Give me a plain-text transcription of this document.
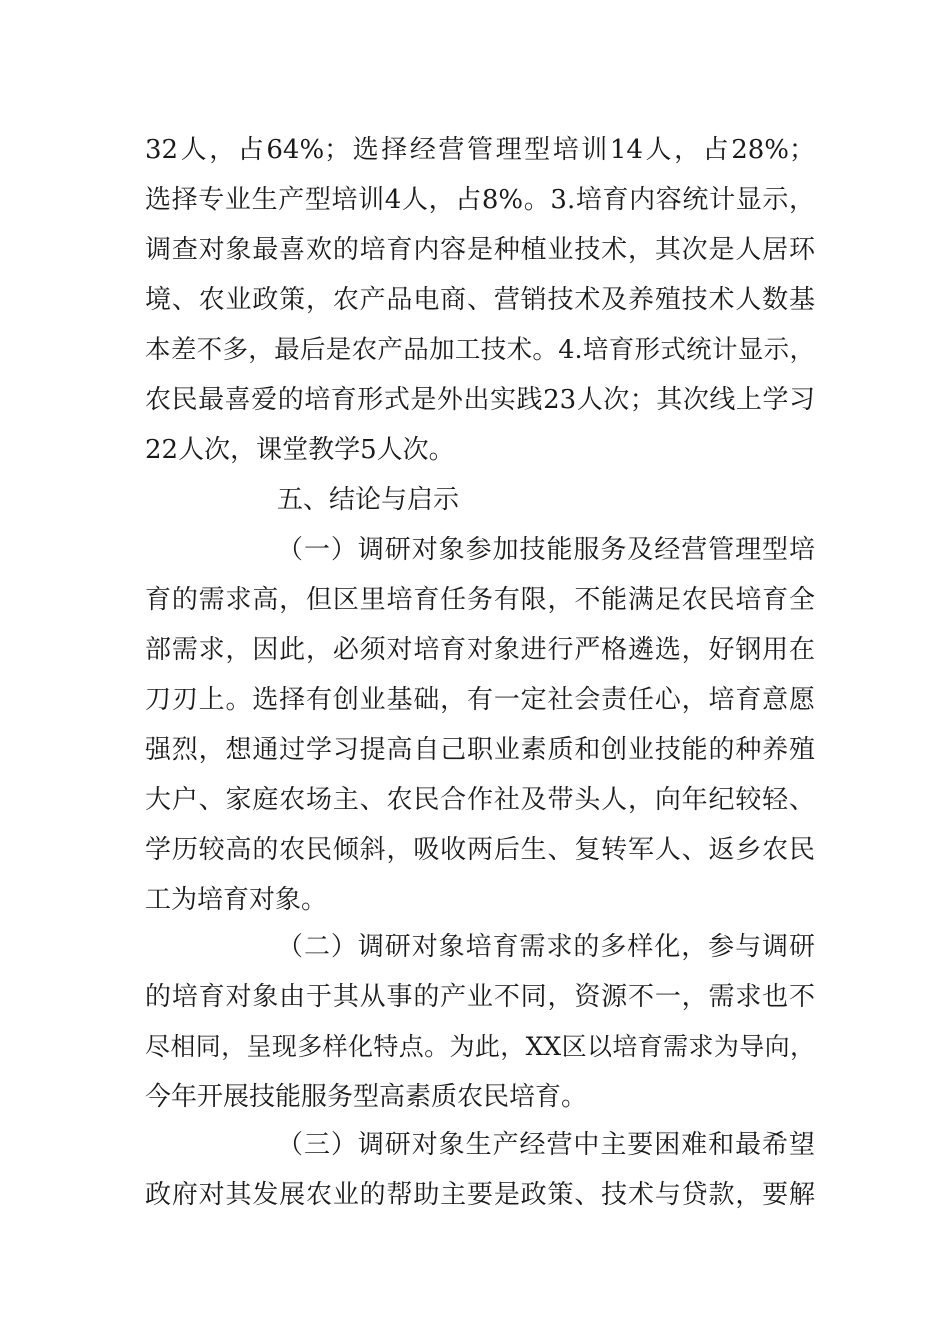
32人，占64%；选择经营管理型培训14人，占28%；
选择专业生产型培训4人，占8%。3.培育内容统计显示，
调查对象最喜欢的培育内容是种植业技术，其次是人居环
境、农业政策，农产品电商、营销技术及养殖技术人数基
本差不多，最后是农产品加工技术。4.培育形式统计显示，
农民最喜爱的培育形式是外出实践23人次；其次线上学习
22人次，课堂教学5人次。
五、结论与启示
（一）调研对象参加技能服务及经营管理型培
育的需求高，但区里培育任务有限，不能满足农民培育全
部需求，因此，必须对培育对象进行严格遴选，好钢用在
刀刃上。选择有创业基础，有一定社会责任心，培育意愿
强烈，想通过学习提高自己职业素质和创业技能的种养殖
大户、家庭农场主、农民合作社及带头人，向年纪较轻、
学历较高的农民倾斜，吸收两后生、复转军人、返乡农民
工为培育对象。
（二）调研对象培育需求的多样化，参与调研
的培育对象由于其从事的产业不同，资源不一，需求也不
尽相同，呈现多样化特点。为此，XX区以培育需求为导向，
今年开展技能服务型高素质农民培育。
（三）调研对象生产经营中主要困难和最希望
政府对其发展农业的帮助主要是政策、技术与贷款，要解
